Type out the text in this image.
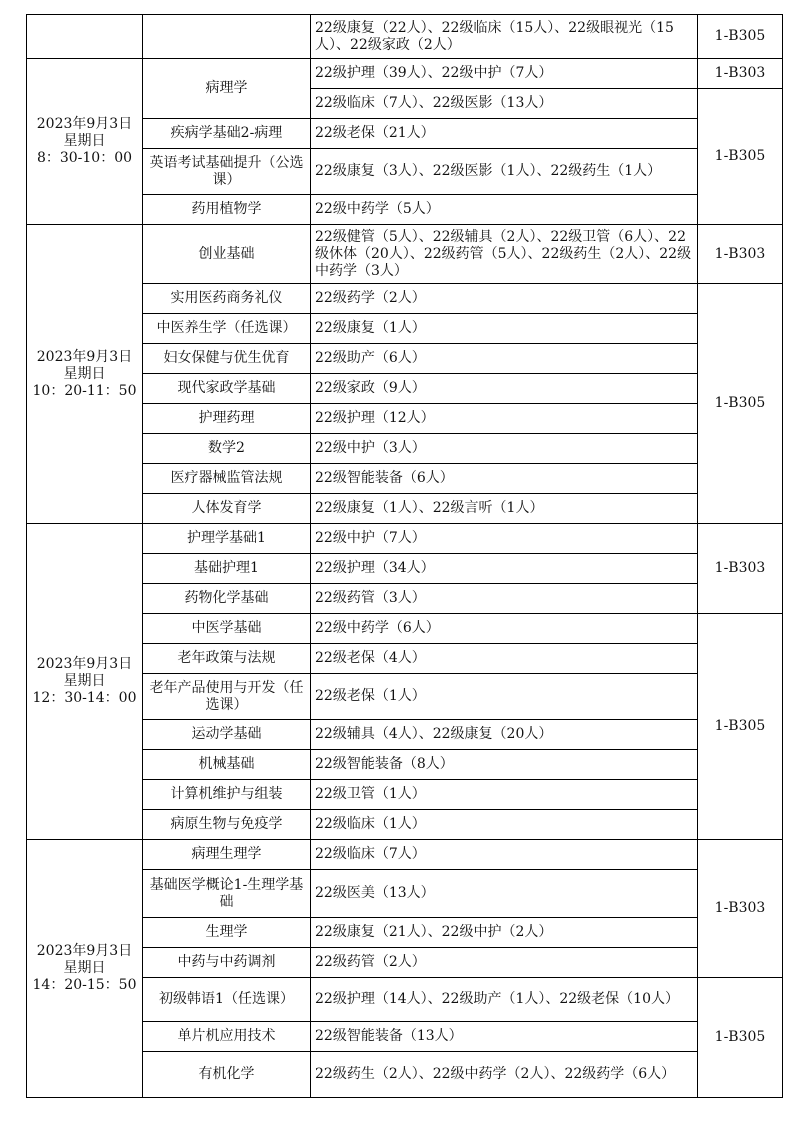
		22级康复（22人）、22级临床（15人）、22级眼视光（15人）、22级家政（2人）	1-B305

2023年9月3日
星期日
8：30-10：00	病理学	22级护理（39人）、22级中护（7人）	1-B303
		22级临床（7人）、22级医影（13人）	1-B305
	疾病学基础2-病理	22级老保（21人）	
	英语考试基础提升（公选课）	22级康复（3人）、22级医影（1人）、22级药生（1人）	
	药用植物学	22级中药学（5人）	

2023年9月3日
星期日
10：20-11：50	创业基础	22级健管（5人）、22级辅具（2人）、22级卫管（6人）、22级休体（20人）、22级药管（5人）、22级药生（2人）、22级中药学（3人）	1-B303
	实用医药商务礼仪	22级药学（2人）	1-B305
	中医养生学（任选课）	22级康复（1人）	
	妇女保健与优生优育	22级助产（6人）	
	现代家政学基础	22级家政（9人）	
	护理药理	22级护理（12人）	
	数学2	22级中护（3人）	
	医疗器械监管法规	22级智能装备（6人）	
	人体发育学	22级康复（1人）、22级言听（1人）	

2023年9月3日
星期日
12：30-14：00	护理学基础1	22级中护（7人）	1-B303
	基础护理1	22级护理（34人）	
	药物化学基础	22级药管（3人）	
	中医学基础	22级中药学（6人）	1-B305
	老年政策与法规	22级老保（4人）	
	老年产品使用与开发（任选课）	22级老保（1人）	
	运动学基础	22级辅具（4人）、22级康复（20人）	
	机械基础	22级智能装备（8人）	
	计算机维护与组装	22级卫管（1人）	
	病原生物与免疫学	22级临床（1人）	

2023年9月3日
星期日
14：20-15：50	病理生理学	22级临床（7人）	1-B303
	基础医学概论1-生理学基础	22级医美（13人）	
	生理学	22级康复（21人）、22级中护（2人）	
	中药与中药调剂	22级药管（2人）	
	初级韩语1（任选课）	22级护理（14人）、22级助产（1人）、22级老保（10人）	1-B305
	单片机应用技术	22级智能装备（13人）	
	有机化学	22级药生（2人）、22级中药学（2人）、22级药学（6人）	
